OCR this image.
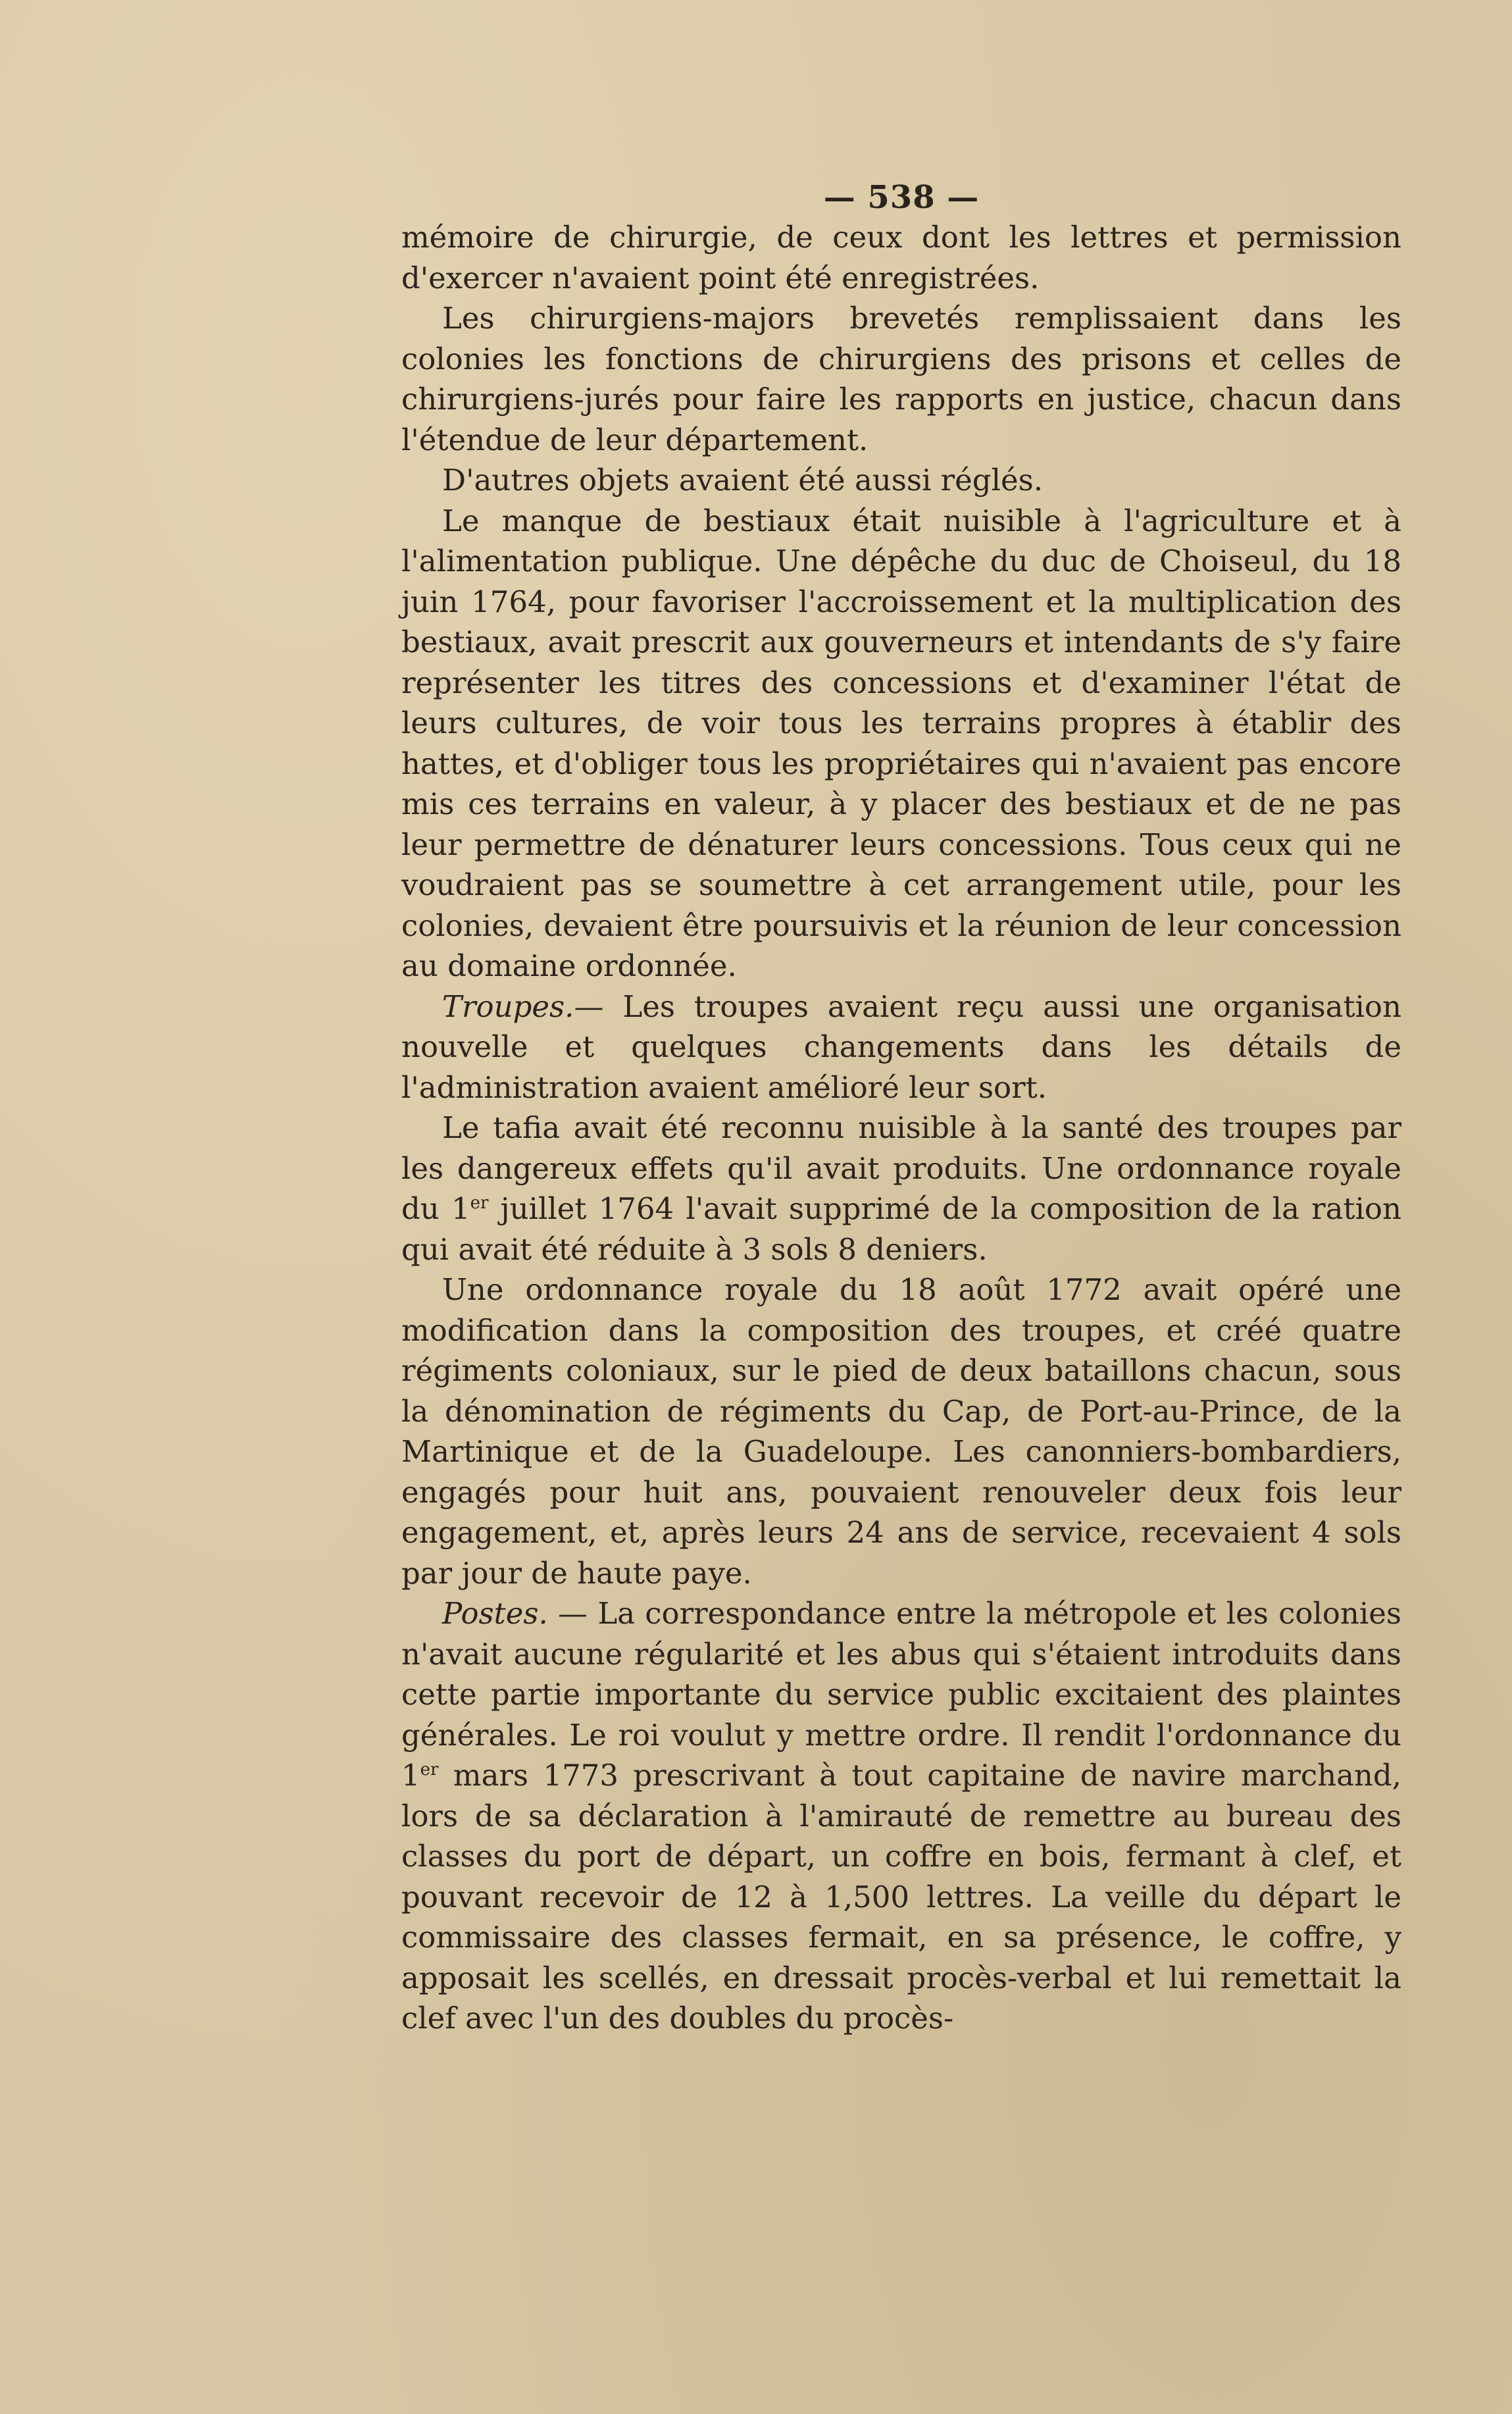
— 538 —

mémoire de chirurgie, de ceux dont les lettres et permission d'exercer n'avaient point été enregistrées.

Les chirurgiens-majors brevetés remplissaient dans les colonies les fonctions de chirurgiens des prisons et celles de chirurgiens-jurés pour faire les rapports en justice, chacun dans l'étendue de leur département.

D'autres objets avaient été aussi réglés.

Le manque de bestiaux était nuisible à l'agriculture et à l'alimentation publique. Une dépêche du duc de Choiseul, du 18 juin 1764, pour favoriser l'accroissement et la multiplication des bestiaux, avait prescrit aux gouverneurs et intendants de s'y faire représenter les titres des concessions et d'examiner l'état de leurs cultures, de voir tous les terrains propres à établir des hattes, et d'obliger tous les propriétaires qui n'avaient pas encore mis ces terrains en valeur, à y placer des bestiaux et de ne pas leur permettre de dénaturer leurs concessions. Tous ceux qui ne voudraient pas se soumettre à cet arrangement utile, pour les colonies, devaient être poursuivis et la réunion de leur concession au domaine ordonnée.

Troupes.— Les troupes avaient reçu aussi une organisation nouvelle et quelques changements dans les détails de l'administration avaient amélioré leur sort.

Le tafia avait été reconnu nuisible à la santé des troupes par les dangereux effets qu'il avait produits. Une ordonnance royale du 1er juillet 1764 l'avait supprimé de la composition de la ration qui avait été réduite à 3 sols 8 deniers.

Une ordonnance royale du 18 août 1772 avait opéré une modification dans la composition des troupes, et créé quatre régiments coloniaux, sur le pied de deux bataillons chacun, sous la dénomination de régiments du Cap, de Port-au-Prince, de la Martinique et de la Guadeloupe. Les canonniers-bombardiers, engagés pour huit ans, pouvaient renouveler deux fois leur engagement, et, après leurs 24 ans de service, recevaient 4 sols par jour de haute paye.

Postes. — La correspondance entre la métropole et les colonies n'avait aucune régularité et les abus qui s'étaient introduits dans cette partie importante du service public excitaient des plaintes générales. Le roi voulut y mettre ordre. Il rendit l'ordonnance du 1er mars 1773 prescrivant à tout capitaine de navire marchand, lors de sa déclaration à l'amirauté de remettre au bureau des classes du port de départ, un coffre en bois, fermant à clef, et pouvant recevoir de 12 à 1,500 lettres. La veille du départ le commissaire des classes fermait, en sa présence, le coffre, y apposait les scellés, en dressait procès-verbal et lui remettait la clef avec l'un des doubles du procès-
